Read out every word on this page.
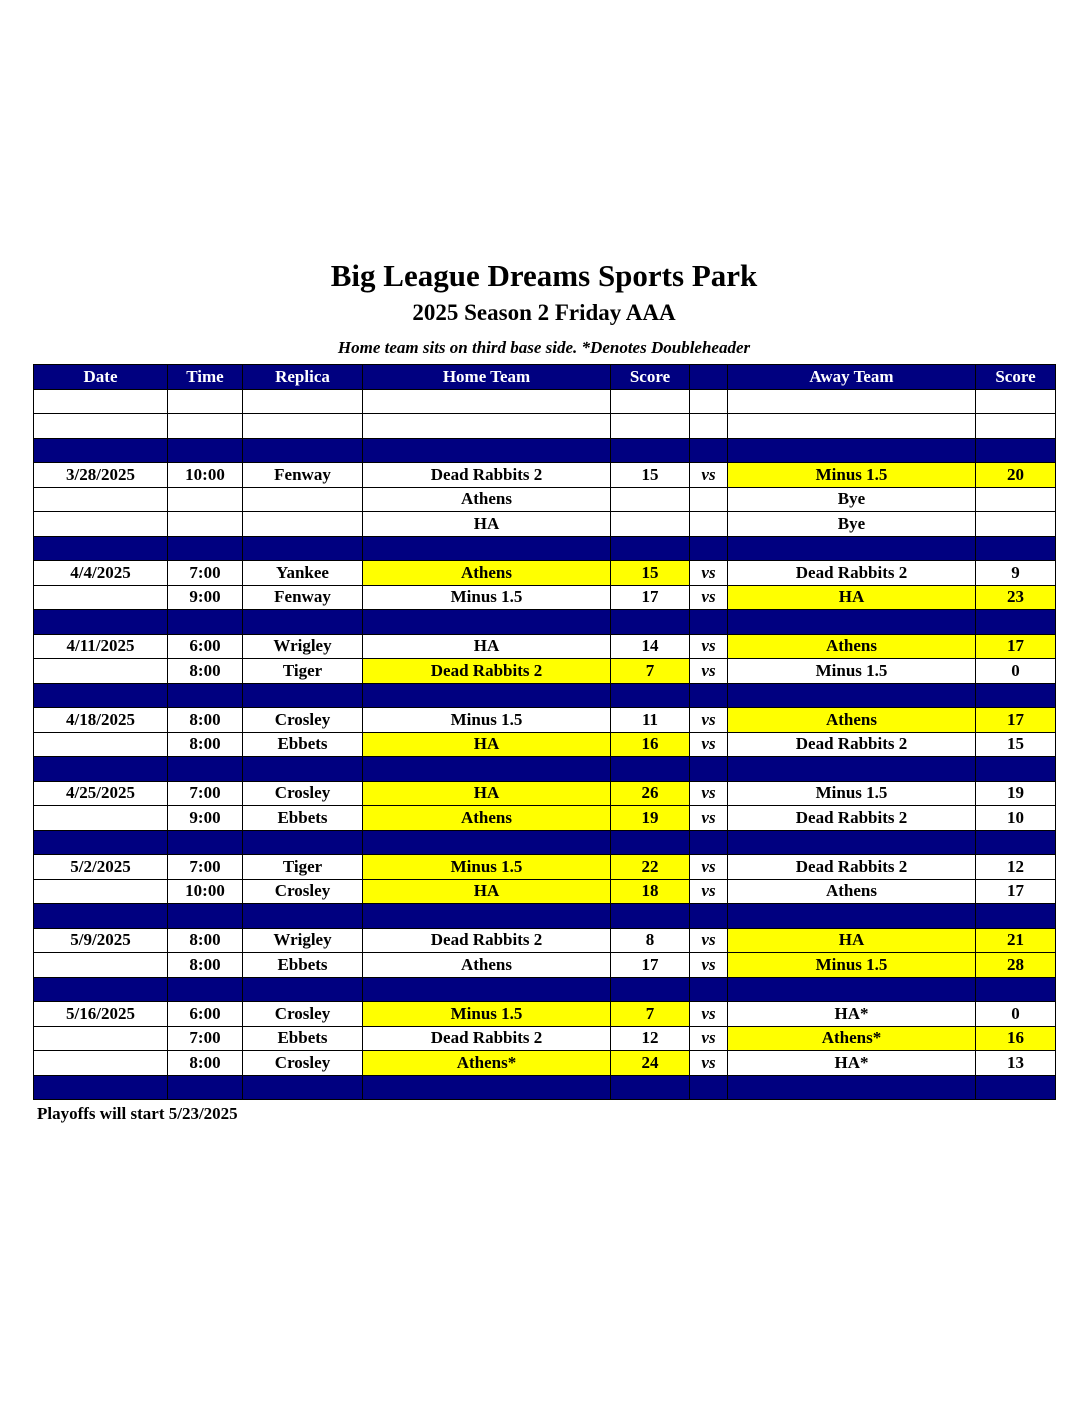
Big League Dreams Sports Park
2025 Season 2 Friday AAA
Home team sits on third base side. *Denotes Doubleheader
Date	Time	Replica	Home Team	Score		Away Team	Score

3/28/2025	10:00	Fenway	Dead Rabbits 2	15	vs	Minus 1.5	20
			Athens			Bye	
			HA			Bye	

4/4/2025	7:00	Yankee	Athens	15	vs	Dead Rabbits 2	9
	9:00	Fenway	Minus 1.5	17	vs	HA	23

4/11/2025	6:00	Wrigley	HA	14	vs	Athens	17
	8:00	Tiger	Dead Rabbits 2	7	vs	Minus 1.5	0

4/18/2025	8:00	Crosley	Minus 1.5	11	vs	Athens	17
	8:00	Ebbets	HA	16	vs	Dead Rabbits 2	15

4/25/2025	7:00	Crosley	HA	26	vs	Minus 1.5	19
	9:00	Ebbets	Athens	19	vs	Dead Rabbits 2	10

5/2/2025	7:00	Tiger	Minus 1.5	22	vs	Dead Rabbits 2	12
	10:00	Crosley	HA	18	vs	Athens	17

5/9/2025	8:00	Wrigley	Dead Rabbits 2	8	vs	HA	21
	8:00	Ebbets	Athens	17	vs	Minus 1.5	28

5/16/2025	6:00	Crosley	Minus 1.5	7	vs	HA*	0
	7:00	Ebbets	Dead Rabbits 2	12	vs	Athens*	16
	8:00	Crosley	Athens*	24	vs	HA*	13

Playoffs will start 5/23/2025
